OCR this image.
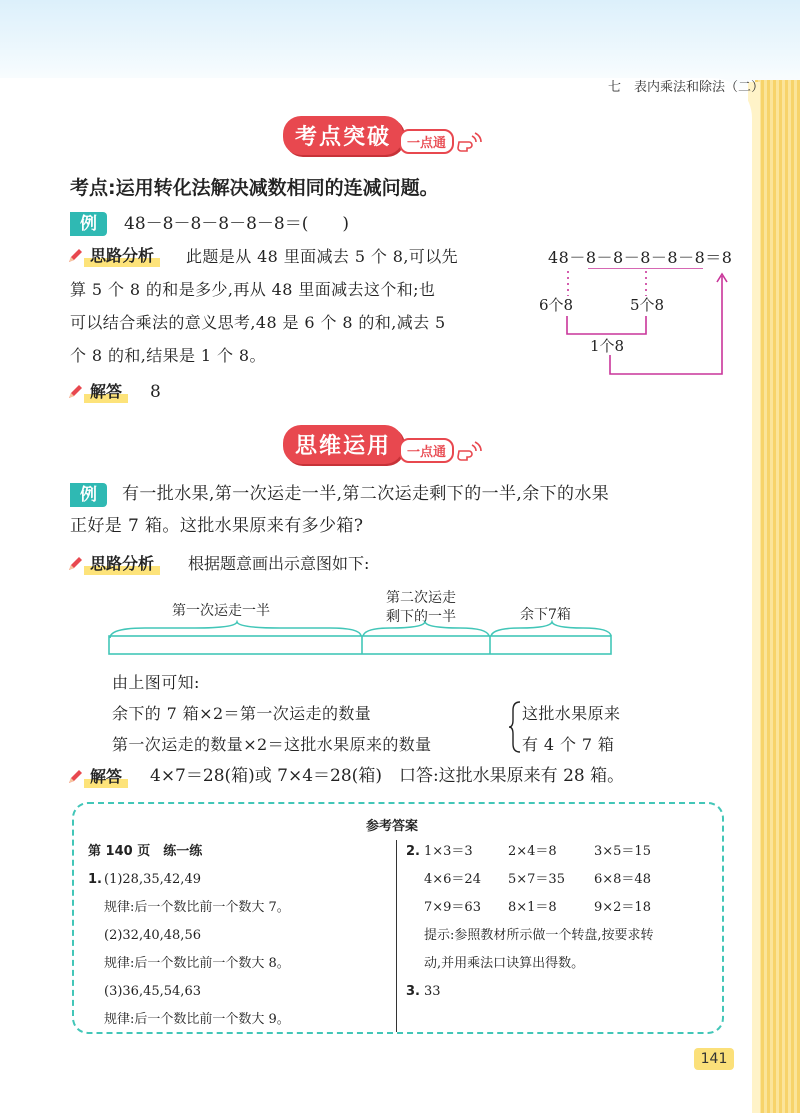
七　表内乘法和除法（二）
考点突破	一点通
考点:运用转化法解决减数相同的连减问题。
例	48－8－8－8－8－8＝(　　)
思路分析	此题是从 48 里面减去 5 个 8,可以先
算 5 个 8 的和是多少,再从 48 里面减去这个和;也
可以结合乘法的意义思考,48 是 6 个 8 的和,减去 5
个 8 的和,结果是 1 个 8。
解答	8
48－8－8－8－8－8＝8
6个8	5个8
1个8
思维运用	一点通
例	有一批水果,第一次运走一半,第二次运走剩下的一半,余下的水果
正好是 7 箱。这批水果原来有多少箱?
思路分析	根据题意画出示意图如下:
第一次运走一半
第二次运走
剩下的一半	余下7箱
由上图可知:
余下的 7 箱×2＝第一次运走的数量
第一次运走的数量×2＝这批水果原来的数量
这批水果原来
有 4 个 7 箱
解答	4×7＝28(箱)或 7×4＝28(箱)　口答:这批水果原来有 28 箱。
参考答案
第 140 页　练一练
1. (1)28,35,42,49
规律:后一个数比前一个数大 7。
(2)32,40,48,56
规律:后一个数比前一个数大 8。
(3)36,45,54,63
规律:后一个数比前一个数大 9。
2. 1×3＝3	2×4＝8	3×5＝15
4×6＝24 5×7＝35 6×8＝48
7×9＝63 8×1＝8	9×2＝18
提示:参照教材所示做一个转盘,按要求转
动,并用乘法口诀算出得数。
3. 33
141
